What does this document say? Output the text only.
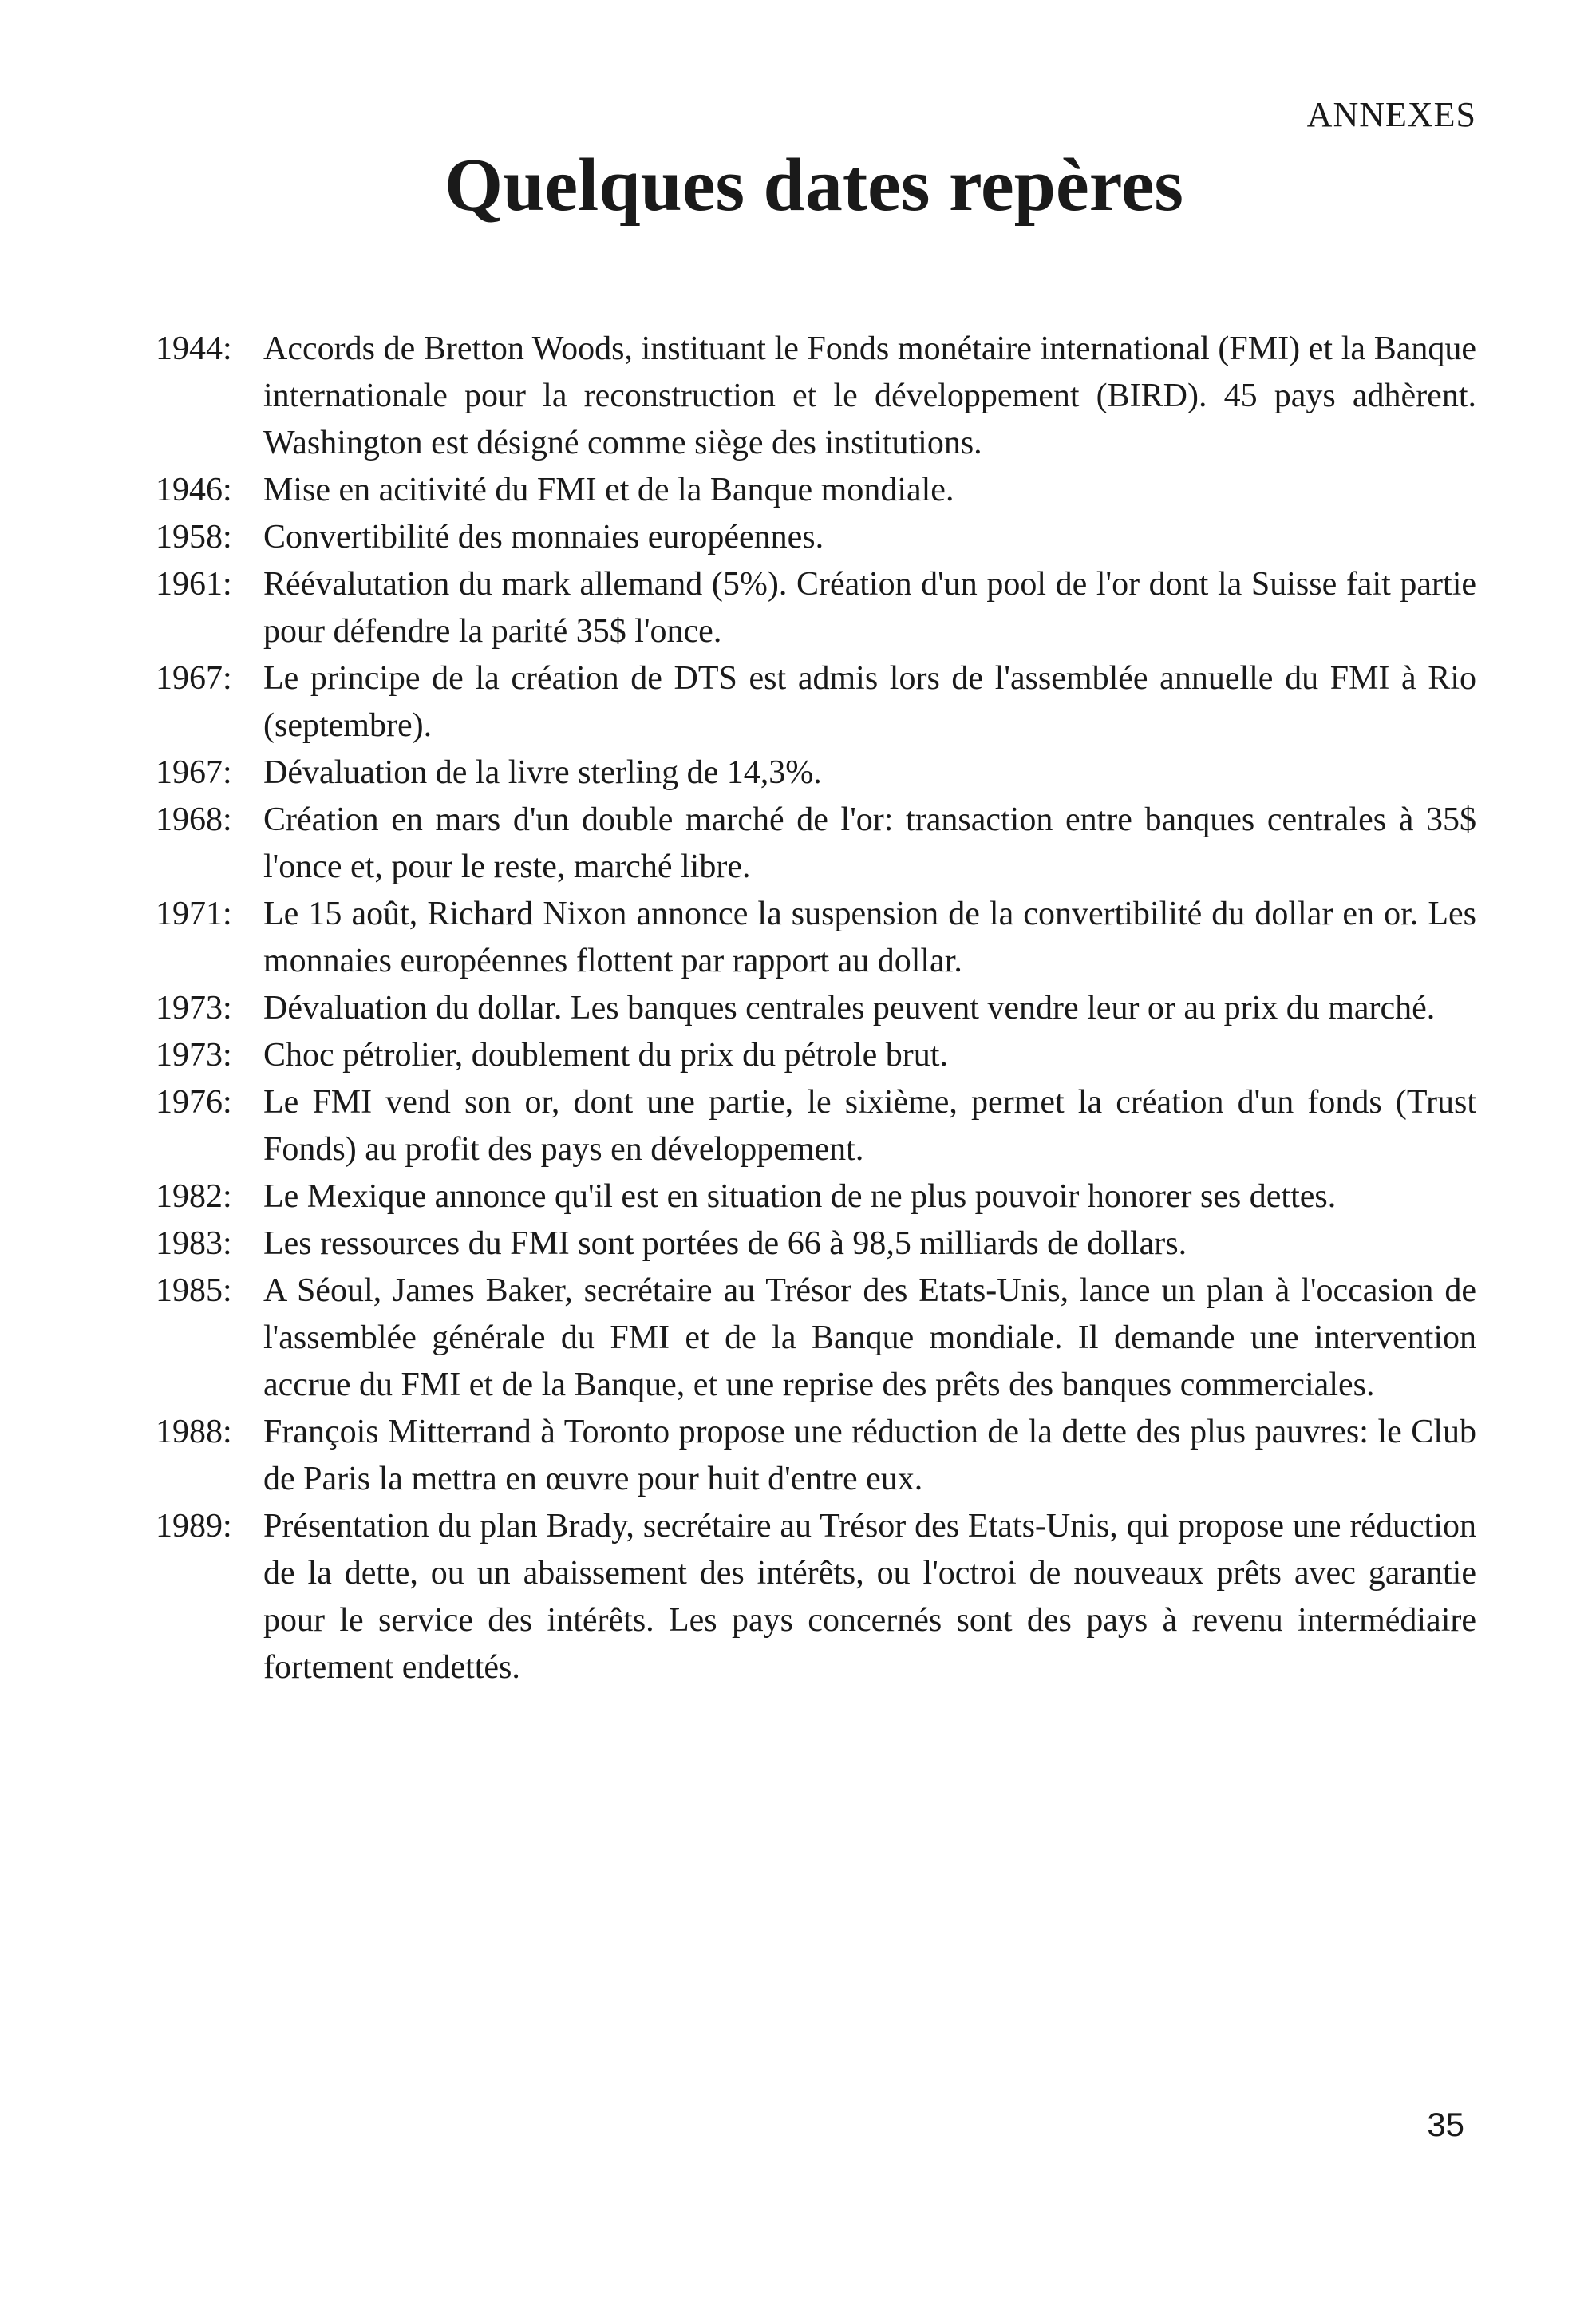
ANNEXES
Quelques dates repères
1944: Accords de Bretton Woods, instituant le Fonds monétaire international (FMI) et la Banque internationale pour la reconstruction et le développement (BIRD). 45 pays adhèrent. Washington est désigné comme siège des institutions.
1946: Mise en acitivité du FMI et de la Banque mondiale.
1958: Convertibilité des monnaies européennes.
1961: Réévalutation du mark allemand (5%). Création d'un pool de l'or dont la Suisse fait partie pour défendre la parité 35$ l'once.
1967: Le principe de la création de DTS est admis lors de l'assemblée annuelle du FMI à Rio (septembre).
1967: Dévaluation de la livre sterling de 14,3%.
1968: Création en mars d'un double marché de l'or: transaction entre banques centrales à 35$ l'once et, pour le reste, marché libre.
1971: Le 15 août, Richard Nixon annonce la suspension de la convertibilité du dollar en or. Les monnaies européennes flottent par rapport au dollar.
1973: Dévaluation du dollar. Les banques centrales peuvent vendre leur or au prix du marché.
1973: Choc pétrolier, doublement du prix du pétrole brut.
1976: Le FMI vend son or, dont une partie, le sixième, permet la création d'un fonds (Trust Fonds) au profit des pays en développement.
1982: Le Mexique annonce qu'il est en situation de ne plus pouvoir honorer ses dettes.
1983: Les ressources du FMI sont portées de 66 à 98,5 milliards de dollars.
1985: A Séoul, James Baker, secrétaire au Trésor des Etats-Unis, lance un plan à l'occasion de l'assemblée générale du FMI et de la Banque mondiale. Il demande une intervention accrue du FMI et de la Banque, et une reprise des prêts des banques commerciales.
1988: François Mitterrand à Toronto propose une réduction de la dette des plus pauvres: le Club de Paris la mettra en œuvre pour huit d'entre eux.
1989: Présentation du plan Brady, secrétaire au Trésor des Etats-Unis, qui propose une réduction de la dette, ou un abaissement des intérêts, ou l'octroi de nouveaux prêts avec garantie pour le service des intérêts. Les pays concernés sont des pays à revenu intermédiaire fortement endettés.
35
